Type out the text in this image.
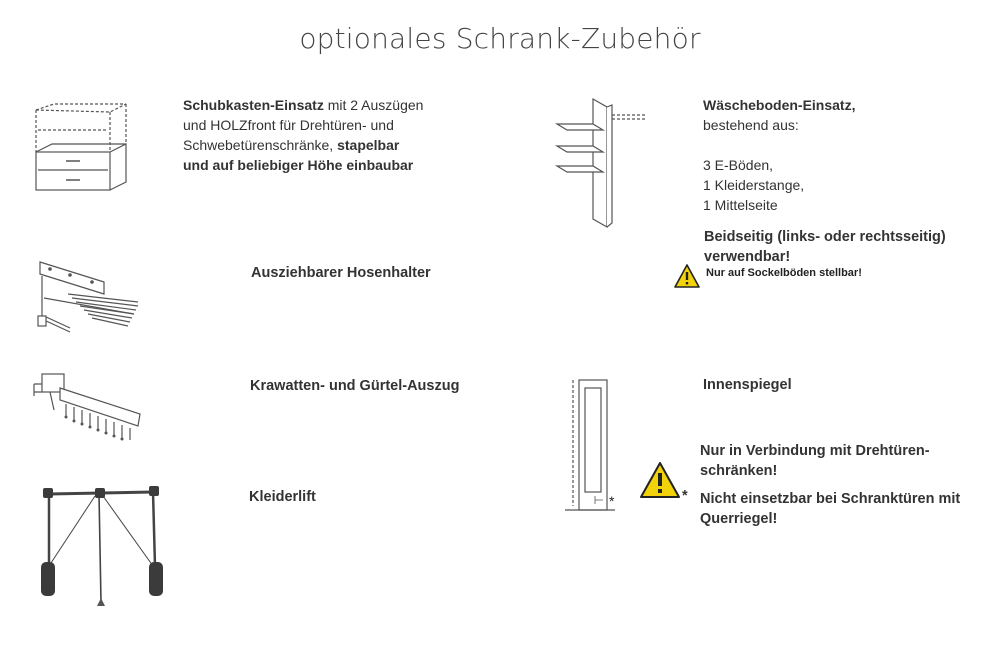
optionales Schrank-Zubehör
Schubkasten-Einsatz mit 2 Auszügen
und HOLZfront für Drehtüren- und
Schwebetürenschränke, stapelbar
und auf beliebiger Höhe einbaubar
Wäscheboden-Einsatz,
bestehend aus:
3 E-Böden,
1 Kleiderstange,
1 Mittelseite
Beidseitig (links- oder rechtsseitig)
verwendbar!
Nur auf Sockelböden stellbar!
Ausziehbarer Hosenhalter
Krawatten- und Gürtel-Auszug
*
Innenspiegel
*
Nur in Verbindung mit Drehtüren-
schränken!
Nicht einsetzbar bei Schranktüren mit
Querriegel!
Kleiderlift
